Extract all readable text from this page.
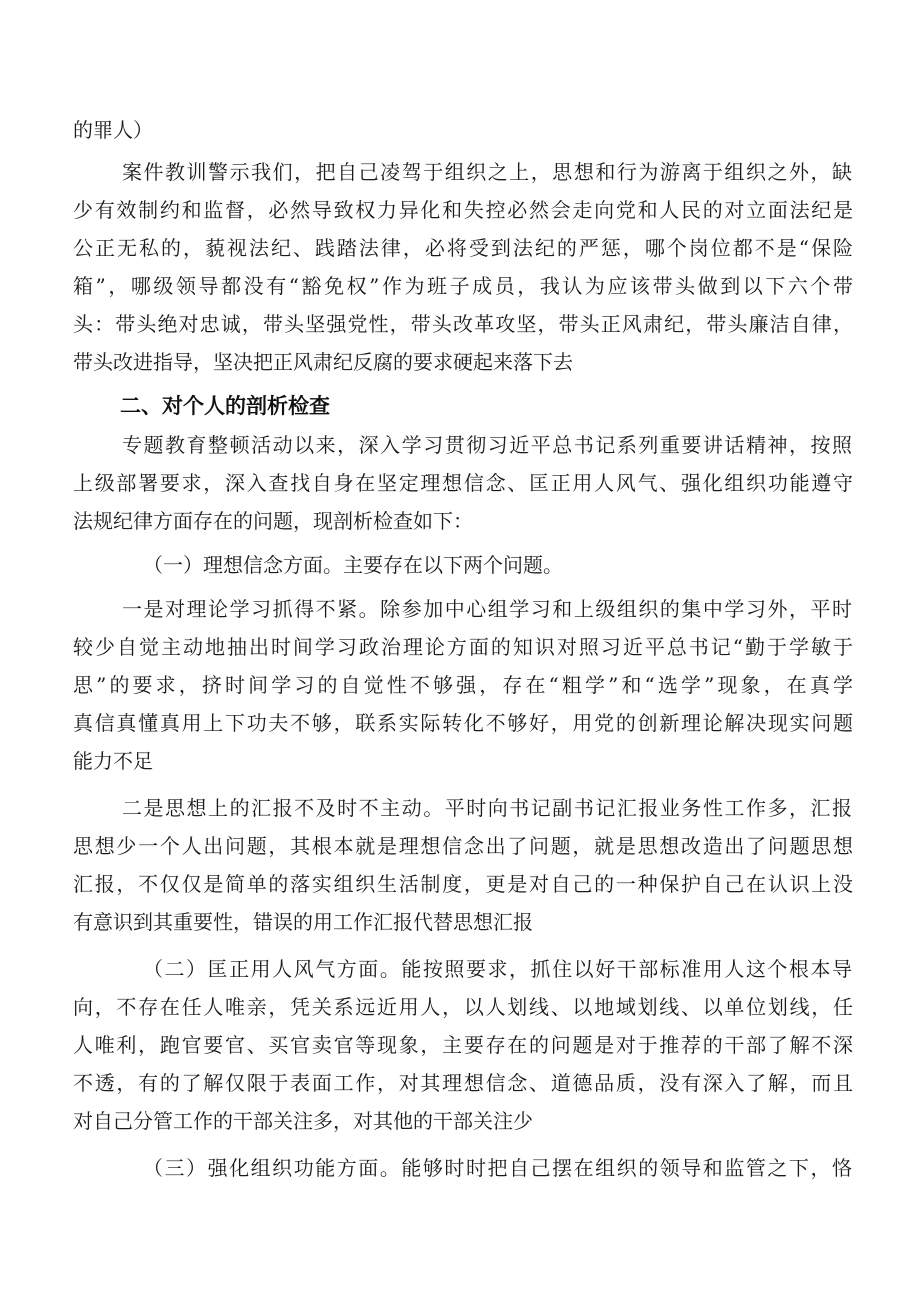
的罪人）
案件教训警示我们，把自己凌驾于组织之上，思想和行为游离于组织之外，缺
少有效制约和监督，必然导致权力异化和失控必然会走向党和人民的对立面法纪是
公正无私的，藐视法纪、践踏法律，必将受到法纪的严惩，哪个岗位都不是“保险
箱”，哪级领导都没有“豁免权”作为班子成员，我认为应该带头做到以下六个带
头：带头绝对忠诚，带头坚强党性，带头改革攻坚，带头正风肃纪，带头廉洁自律，
带头改进指导，坚决把正风肃纪反腐的要求硬起来落下去
二、对个人的剖析检查
专题教育整顿活动以来，深入学习贯彻习近平总书记系列重要讲话精神，按照
上级部署要求，深入查找自身在坚定理想信念、匡正用人风气、强化组织功能遵守
法规纪律方面存在的问题，现剖析检查如下：
（一）理想信念方面。主要存在以下两个问题。
一是对理论学习抓得不紧。除参加中心组学习和上级组织的集中学习外，平时
较少自觉主动地抽出时间学习政治理论方面的知识对照习近平总书记“勤于学敏于
思”的要求，挤时间学习的自觉性不够强，存在“粗学”和“选学”现象，在真学
真信真懂真用上下功夫不够，联系实际转化不够好，用党的创新理论解决现实问题
能力不足
二是思想上的汇报不及时不主动。平时向书记副书记汇报业务性工作多，汇报
思想少一个人出问题，其根本就是理想信念出了问题，就是思想改造出了问题思想
汇报，不仅仅是简单的落实组织生活制度，更是对自己的一种保护自己在认识上没
有意识到其重要性，错误的用工作汇报代替思想汇报
（二）匡正用人风气方面。能按照要求，抓住以好干部标准用人这个根本导
向，不存在任人唯亲，凭关系远近用人，以人划线、以地域划线、以单位划线，任
人唯利，跑官要官、买官卖官等现象，主要存在的问题是对于推荐的干部了解不深
不透，有的了解仅限于表面工作，对其理想信念、道德品质，没有深入了解，而且
对自己分管工作的干部关注多，对其他的干部关注少
（三）强化组织功能方面。能够时时把自己摆在组织的领导和监管之下，恪
